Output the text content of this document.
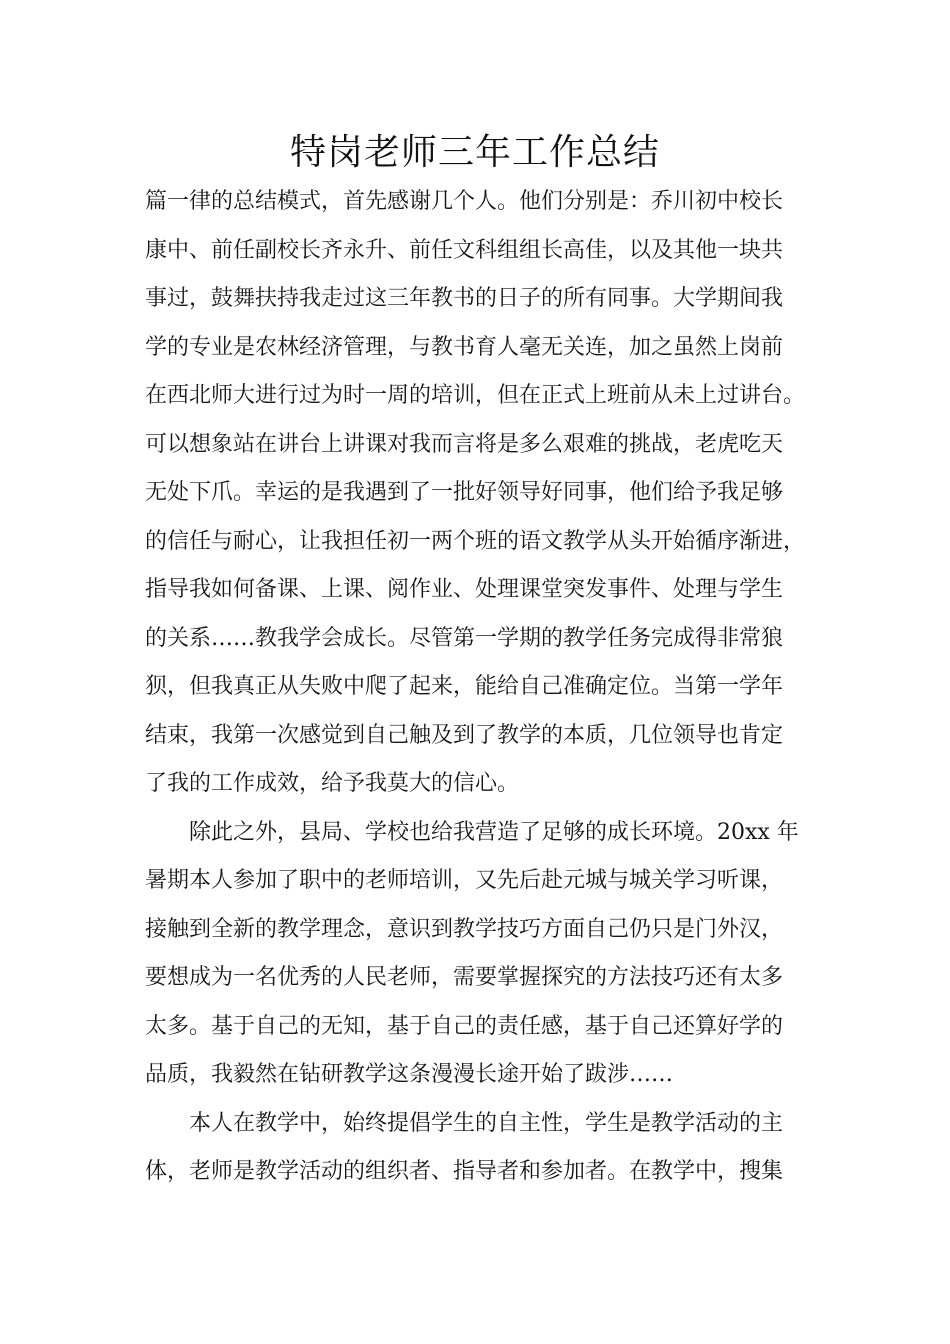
特岗老师三年工作总结
篇一律的总结模式，首先感谢几个人。他们分别是：乔川初中校长
康中、前任副校长齐永升、前任文科组组长高佳，以及其他一块共
事过，鼓舞扶持我走过这三年教书的日子的所有同事。大学期间我
学的专业是农林经济管理，与教书育人毫无关连，加之虽然上岗前
在西北师大进行过为时一周的培训，但在正式上班前从未上过讲台。
可以想象站在讲台上讲课对我而言将是多么艰难的挑战，老虎吃天
无处下爪。幸运的是我遇到了一批好领导好同事，他们给予我足够
的信任与耐心，让我担任初一两个班的语文教学从头开始循序渐进，
指导我如何备课、上课、阅作业、处理课堂突发事件、处理与学生
的关系……教我学会成长。尽管第一学期的教学任务完成得非常狼
狈，但我真正从失败中爬了起来，能给自己准确定位。当第一学年
结束，我第一次感觉到自己触及到了教学的本质，几位领导也肯定
了我的工作成效，给予我莫大的信心。
除此之外，县局、学校也给我营造了足够的成长环境。20xx 年
暑期本人参加了职中的老师培训，又先后赴元城与城关学习听课，
接触到全新的教学理念，意识到教学技巧方面自己仍只是门外汉，
要想成为一名优秀的人民老师，需要掌握探究的方法技巧还有太多
太多。基于自己的无知，基于自己的责任感，基于自己还算好学的
品质，我毅然在钻研教学这条漫漫长途开始了跋涉……
本人在教学中，始终提倡学生的自主性，学生是教学活动的主
体，老师是教学活动的组织者、指导者和参加者。在教学中，搜集
